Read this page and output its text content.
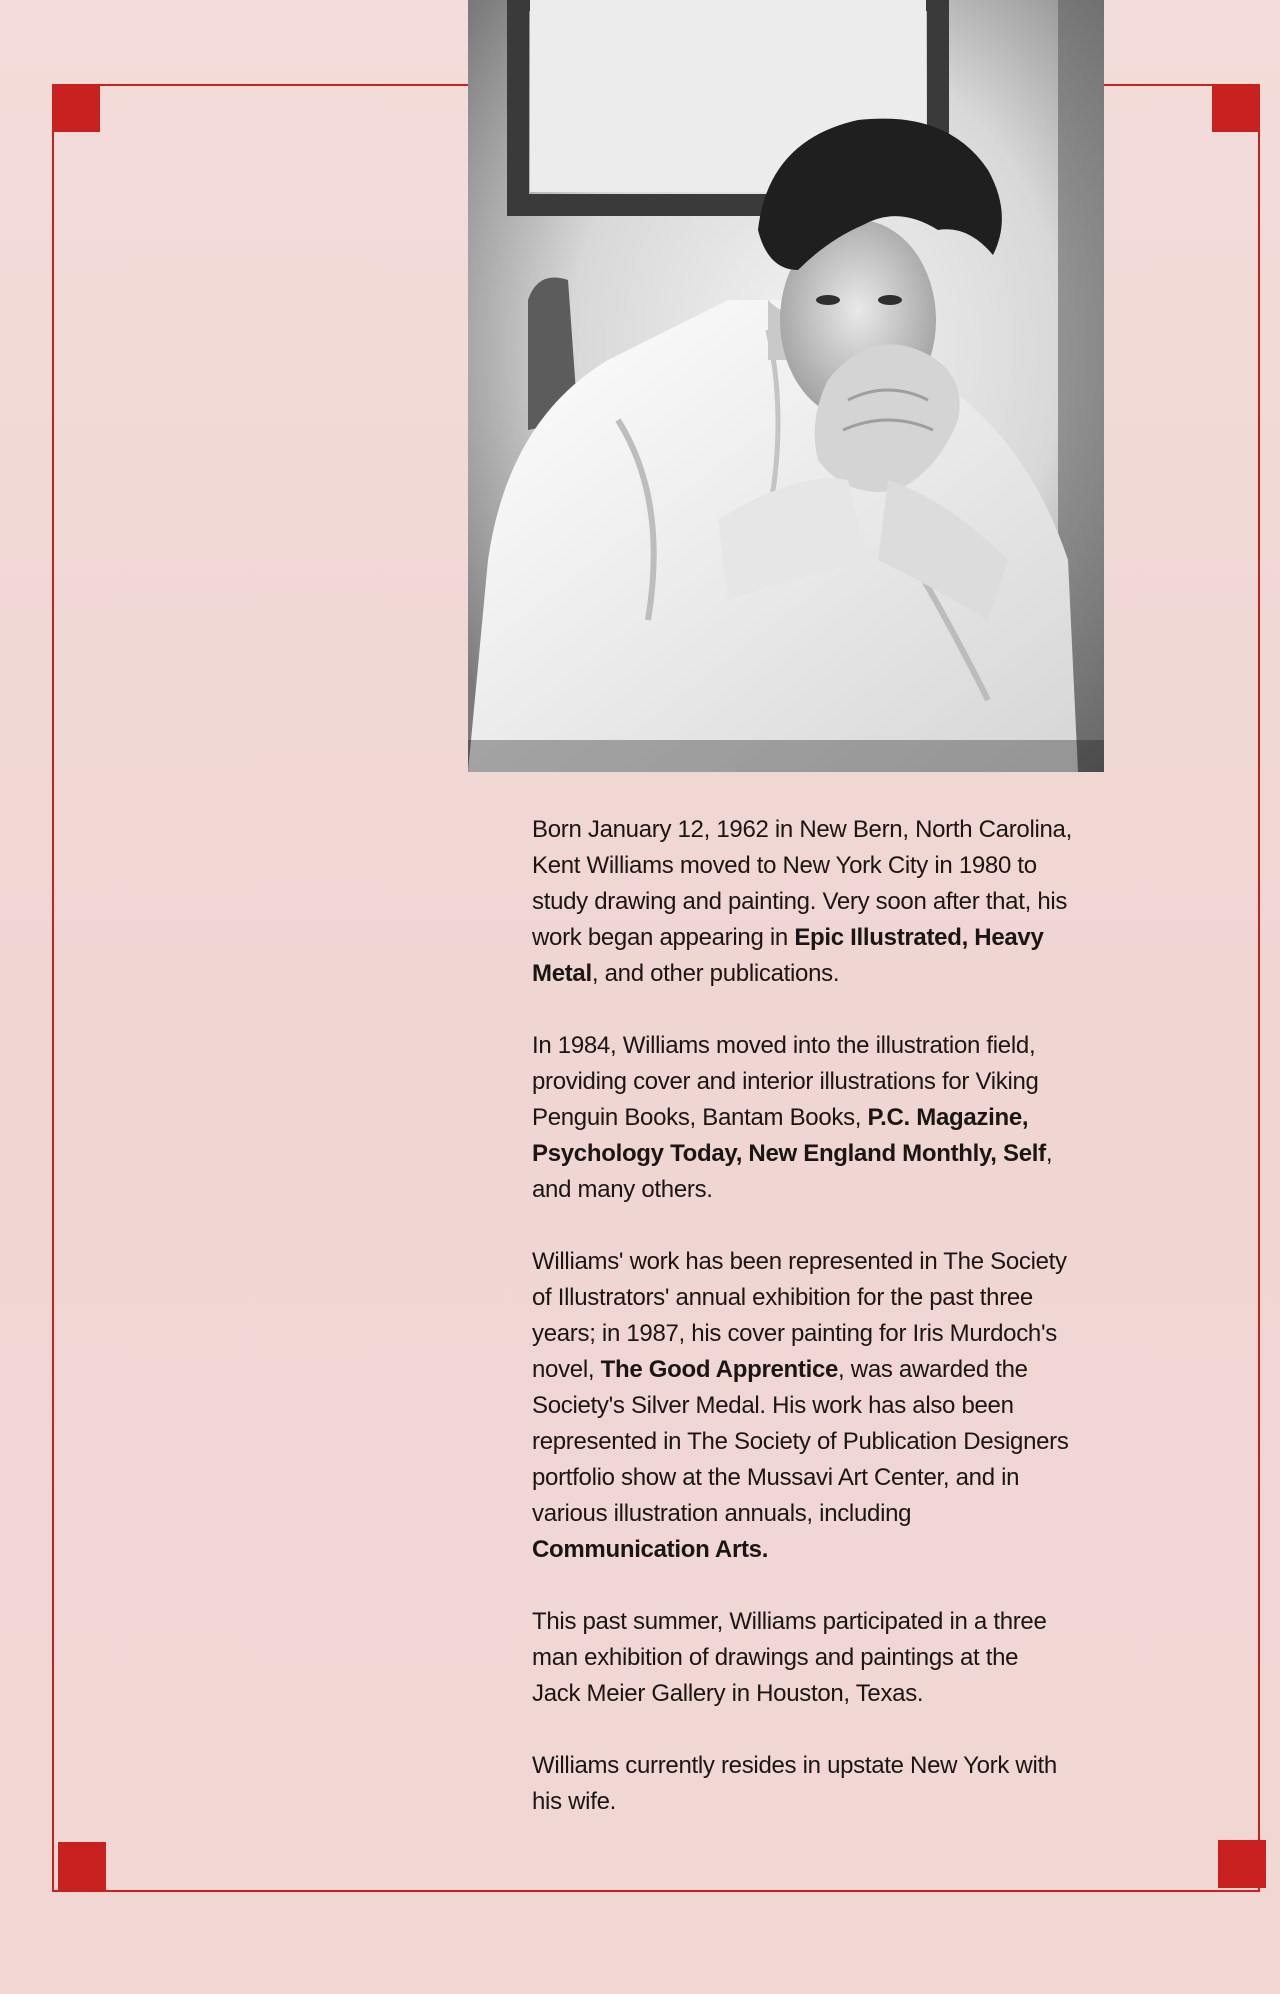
Born January 12, 1962 in New Bern, North Carolina, Kent Williams moved to New York City in 1980 to study drawing and painting. Very soon after that, his work began appearing in Epic Illustrated, Heavy Metal, and other publications.

In 1984, Williams moved into the illustration field, providing cover and interior illustrations for Viking Penguin Books, Bantam Books, P.C. Magazine, Psychology Today, New England Monthly, Self, and many others.

Williams' work has been represented in The Society of Illustrators' annual exhibition for the past three years; in 1987, his cover painting for Iris Murdoch's novel, The Good Apprentice, was awarded the Society's Silver Medal. His work has also been represented in The Society of Publication Designers portfolio show at the Mussavi Art Center, and in various illustration annuals, including Communication Arts.

This past summer, Williams participated in a three man exhibition of drawings and paintings at the Jack Meier Gallery in Houston, Texas.

Williams currently resides in upstate New York with his wife.
